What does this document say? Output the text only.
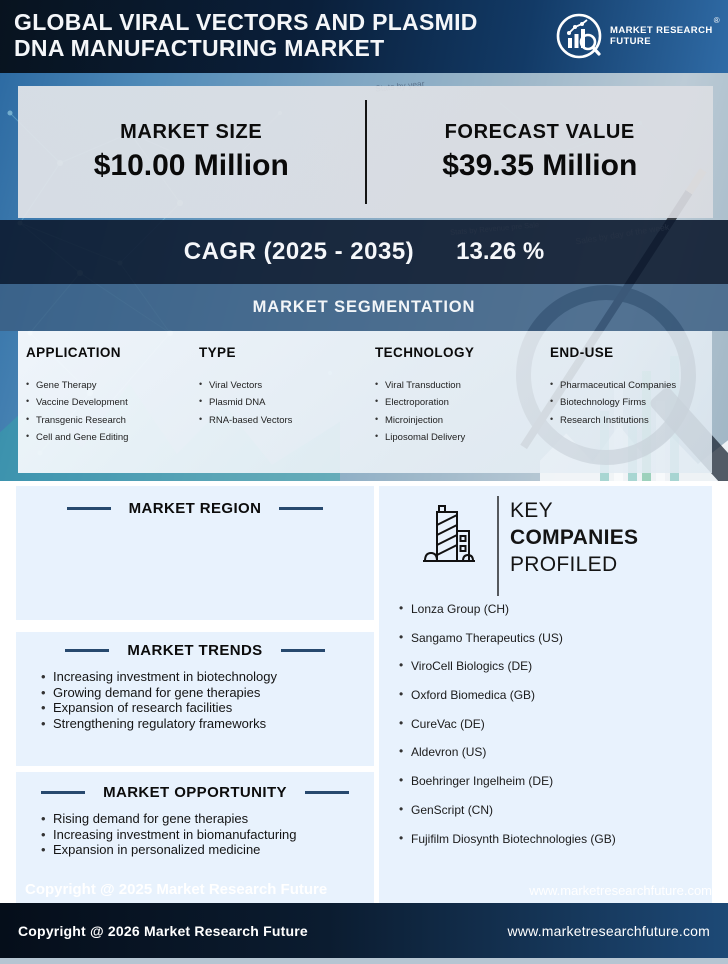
GLOBAL VIRAL VECTORS AND PLASMID
DNA MANUFACTURING MARKET
MARKET RESEARCH FUTURE
®
MARKET SIZE
$10.00 Million
FORECAST VALUE
$39.35 Million
CAGR (2025 - 2035) 13.26 %
MARKET SEGMENTATION
APPLICATION
• Gene Therapy
• Vaccine Development
• Transgenic Research
• Cell and Gene Editing
TYPE
• Viral Vectors
• Plasmid DNA
• RNA-based Vectors
TECHNOLOGY
• Viral Transduction
• Electroporation
• Microinjection
• Liposomal Delivery
END-USE
• Pharmaceutical Companies
• Biotechnology Firms
• Research Institutions
MARKET REGION
MARKET TRENDS
• Increasing investment in biotechnology
• Growing demand for gene therapies
• Expansion of research facilities
• Strengthening regulatory frameworks
MARKET OPPORTUNITY
• Rising demand for gene therapies
• Increasing investment in biomanufacturing
• Expansion in personalized medicine
KEY
COMPANIES
PROFILED
• Lonza Group (CH)
• Sangamo Therapeutics (US)
• ViroCell Biologics (DE)
• Oxford Biomedica (GB)
• CureVac (DE)
• Aldevron (US)
• Boehringer Ingelheim (DE)
• GenScript (CN)
• Fujifilm Diosynth Biotechnologies (GB)
Copyright @ 2025 Market Research Future	www.marketresearchfuture.com
Copyright @ 2026 Market Research Future	www.marketresearchfuture.com
